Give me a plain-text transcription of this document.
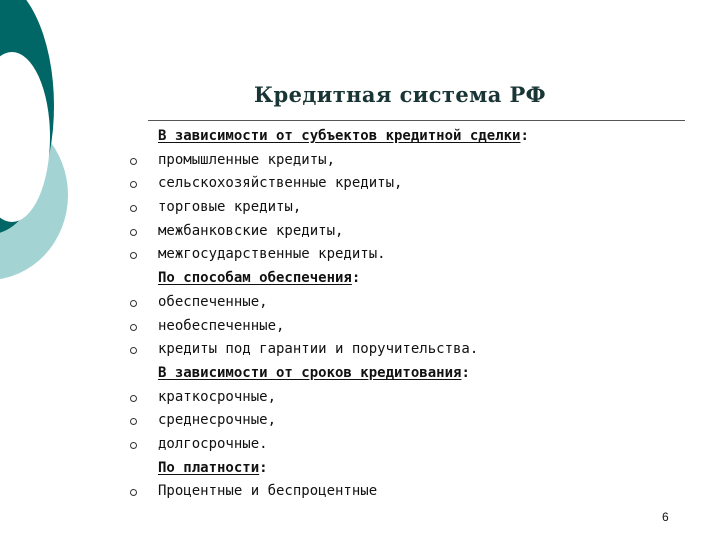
Кредитная система РФ
В зависимости от субъектов кредитной сделки:
промышленные кредиты,
сельскохозяйственные кредиты,
торговые кредиты,
межбанковские кредиты,
межгосударственные кредиты.
По способам обеспечения:
обеспеченные,
необеспеченные,
кредиты под гарантии и поручительства.
В зависимости от сроков кредитования:
краткосрочные,
среднесрочные,
долгосрочные.
По платности:
Процентные и беспроцентные
6
